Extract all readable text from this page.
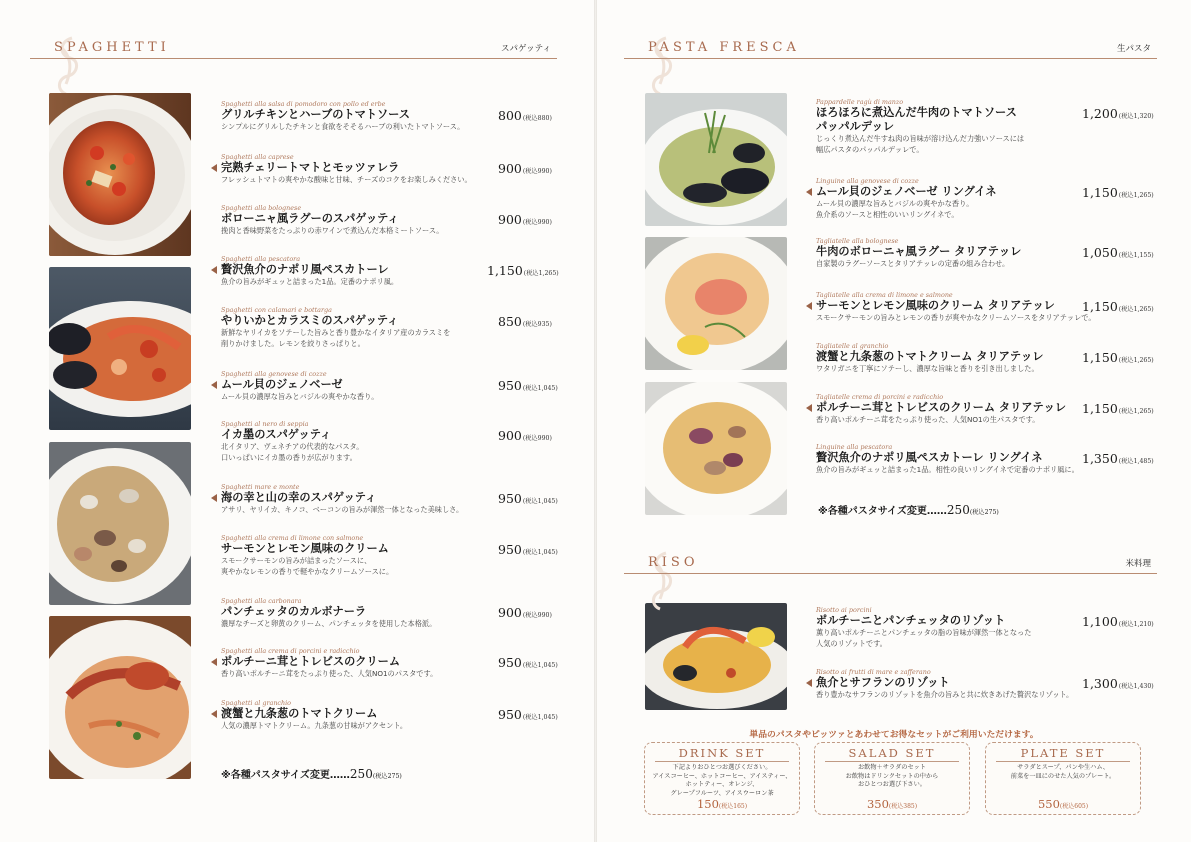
SPAGHETTI	スパゲッティ
Spaghetti alla salsa di pomodoro con pollo ed erbe
グリルチキンとハーブのトマトソース
シンプルにグリルしたチキンと食欲をそそるハーブの利いたトマトソース。
800(税込880)
Spaghetti alla caprese
完熟チェリートマトとモッツァレラ
フレッシュトマトの爽やかな酸味と甘味、チーズのコクをお楽しみください。
900(税込990)
Spaghetti alla bolognese
ボローニャ風ラグーのスパゲッティ
挽肉と香味野菜をたっぷりの赤ワインで煮込んだ本格ミートソース。
900(税込990)
Spaghetti alla pescatora
贅沢魚介のナポリ風ペスカトーレ
魚介の旨みがギュッと詰まった1品。定番のナポリ風。
1,150(税込1,265)
Spaghetti con calamari e bottarga
やりいかとカラスミのスパゲッティ
新鮮なヤリイカをソテーした旨みと香り豊かなイタリア産のカラスミを
削りかけました。レモンを絞りさっぱりと。
850(税込935)
Spaghetti alla genovese di cozze
ムール貝のジェノベーゼ
ムール貝の濃厚な旨みとバジルの爽やかな香り。
950(税込1,045)
Spaghetti al nero di seppia
イカ墨のスパゲッティ
北イタリア、ヴェネチアの代表的なパスタ。
口いっぱいにイカ墨の香りが広がります。
900(税込990)
Spaghetti mare e monte
海の幸と山の幸のスパゲッティ
アサリ、ヤリイカ、キノコ、ベーコンの旨みが渾然一体となった美味しさ。
950(税込1,045)
Spaghetti alla crema di limone con salmone
サーモンとレモン風味のクリーム
スモークサーモンの旨みが詰まったソースに、
爽やかなレモンの香りで軽やかなクリームソースに。
950(税込1,045)
Spaghetti alla carbonara
パンチェッタのカルボナーラ
濃厚なチーズと卵黄のクリーム、パンチェッタを使用した本格派。
900(税込990)
Spaghetti alla crema di porcini e radicchio
ポルチーニ茸とトレビスのクリーム
香り高いポルチーニ茸をたっぷり使った、人気NO1のパスタです。
950(税込1,045)
Spaghetti al granchio
渡蟹と九条葱のトマトクリーム
人気の濃厚トマトクリーム。九条葱の甘味がアクセント。
950(税込1,045)
※各種パスタサイズ変更……250(税込275)
PASTA FRESCA	生パスタ
Pappardelle ragù di manzo
ほろほろに煮込んだ牛肉のトマトソース
パッパルデッレ
じっくり煮込んだ牛すね肉の旨味が溶け込んだ力強いソースには
幅広パスタのパッパルデッレで。
1,200(税込1,320)
Linguine alla genovese di cozze
ムール貝のジェノベーゼ リングイネ
ムール貝の濃厚な旨みとバジルの爽やかな香り。
魚介系のソースと相性のいいリングイネで。
1,150(税込1,265)
Tagliatelle alla bolognese
牛肉のボローニャ風ラグー タリアテッレ
自家製のラグーソースとタリアテッレの定番の組み合わせ。
1,050(税込1,155)
Tagliatelle alla crema di limone e salmone
サーモンとレモン風味のクリーム タリアテッレ
スモークサーモンの旨みとレモンの香りが爽やかなクリームソースをタリアテッレで。
1,150(税込1,265)
Tagliatelle al granchio
渡蟹と九条葱のトマトクリーム タリアテッレ
ワタリガニを丁寧にソテーし、濃厚な旨味と香りを引き出しました。
1,150(税込1,265)
Tagliatelle crema di porcini e radicchio
ポルチーニ茸とトレビスのクリーム タリアテッレ
香り高いポルチーニ茸をたっぷり使った、人気NO1の生パスタです。
1,150(税込1,265)
Linguine alla pescatora
贅沢魚介のナポリ風ペスカトーレ リングイネ
魚介の旨みがギュッと詰まった1品。相性の良いリングイネで定番のナポリ風に。
1,350(税込1,485)
※各種パスタサイズ変更……250(税込275)
RISO	米料理
Risotto ai porcini
ポルチーニとパンチェッタのリゾット
薫り高いポルチーニとパンチェッタの脂の旨味が渾然一体となった
人気のリゾットです。
1,100(税込1,210)
Risotto ai frutti di mare e zafferano
魚介とサフランのリゾット
香り豊かなサフランのリゾットを魚介の旨みと共に炊きあげた贅沢なリゾット。
1,300(税込1,430)
単品のパスタやピッツァとあわせてお得なセットがご利用いただけます。
DRINK SET
下記よりおひとつお選びください。
アイスコーヒー、ホットコーヒー、アイスティー、
ホットティー、オレンジ、
グレープフルーツ、アイスウーロン茶
150(税込165)
SALAD SET
お飲物＋サラダのセット
お飲物はドリンクセットの中から
おひとつお選び下さい。
350(税込385)
PLATE SET
サラダとスープ、パンや生ハム、
前菜を一皿にのせた人気のプレート。
550(税込605)
